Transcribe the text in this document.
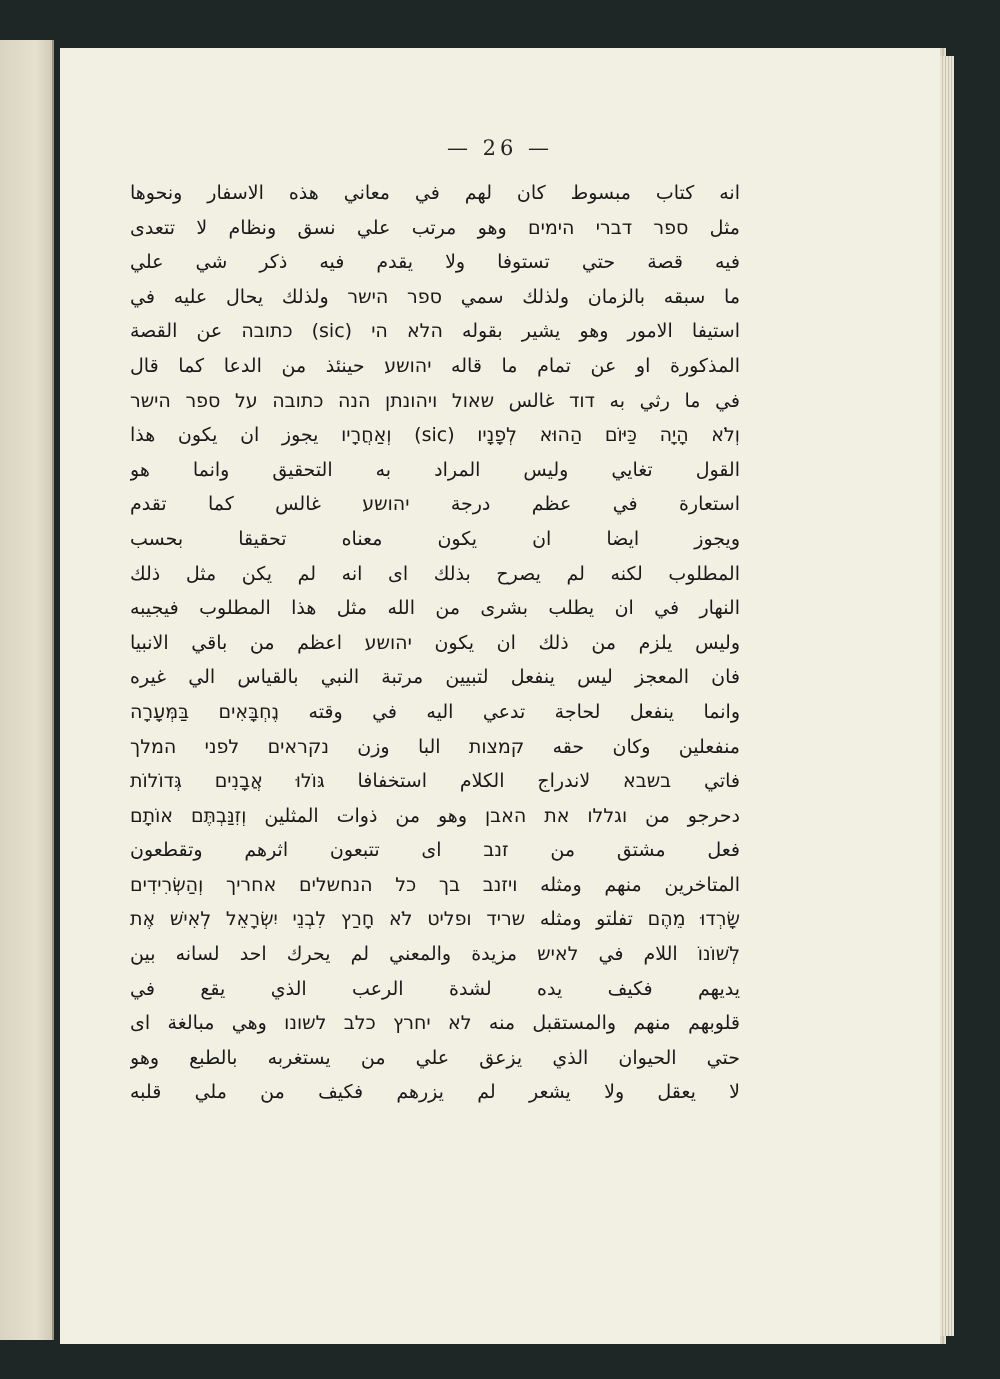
— 26 —
انه كتاب مبسوط كان لهم في معاني هذه الاسفار ونحوها
مثل ספר דברי הימים وهو مرتب علي نسق ونظام لا تتعدى
فيه قصة حتي تستوفا ولا يقدم فيه ذكر شي علي
ما سبقه بالزمان ولذلك سمي ספר הישר ولذلك يحال عليه في
استيفا الامور وهو يشير بقوله הלא הי (sic) כתובה عن القصة
المذكورة او عن تمام ما قاله יהושע حينئذ من الدعا كما قال
في ما رثي به דוד غالس שאול ויהונתן הנה כתובה על ספר הישר
וְלֹא הָיָה כַּיּוֹם הַהוּא לְפָנָיו (sic) וְאַחֲרָיו يجوز ان يكون هذا
القول تغايي وليس المراد به التحقيق وانما هو
استعارة في عظم درجة יהושע غالس كما تقدم
ويجوز ايضا ان يكون معناه تحقيقا بحسب
المطلوب لكنه لم يصرح بذلك اى انه لم يكن مثل ذلك
النهار في ان يطلب بشرى من الله مثل هذا المطلوب فيجيبه
وليس يلزم من ذلك ان يكون יהושע اعظم من باقي الانبيا
فان المعجز ليس ينفعل لتبيين مرتبة النبي بالقياس الي غيره
وانما ينفعل لحاجة تدعي اليه في وقته נֶחְבָּאִים בַּמְּעָרָה
منفعلين وكان حقه קמצות البا وزن נקראים לפני המלך
فاتي בשבא لاندراج الكلام استخفافا גּוֹלוּ אֲבָנִים גְּדוֹלוֹת
دحرجو من וגללו את האבן وهو من ذوات المثلين וְזִנַּבְתֶּם אוֹתָם
فعل مشتق من זנב اى تتبعون اثرهم وتقطعون
المتاخرين منهم ومثله ויזנב בך כל הנחשלים אחריך וְהַשְּׂרִידִים
שָׂרְדוּ מֵהֶם تفلتو ومثله שריד ופליט לֹא חָרַץ לִבְנֵי יִשְׂרָאֵל לְאִישׁ אֶת
לְשׁוֹנוֹ اللام في לאיש مزيدة والمعني لم يحرك احد لسانه بين
يديهم فكيف يده لشدة الرعب الذي يقع في
قلوبهم منهم والمستقبل منه לא יחרץ כלב לשונו وهي مبالغة اى
حتي الحيوان الذي يزعق علي من يستغربه بالطبع وهو
لا يعقل ولا يشعر لم يزرهم فكيف من ملي قلبه
